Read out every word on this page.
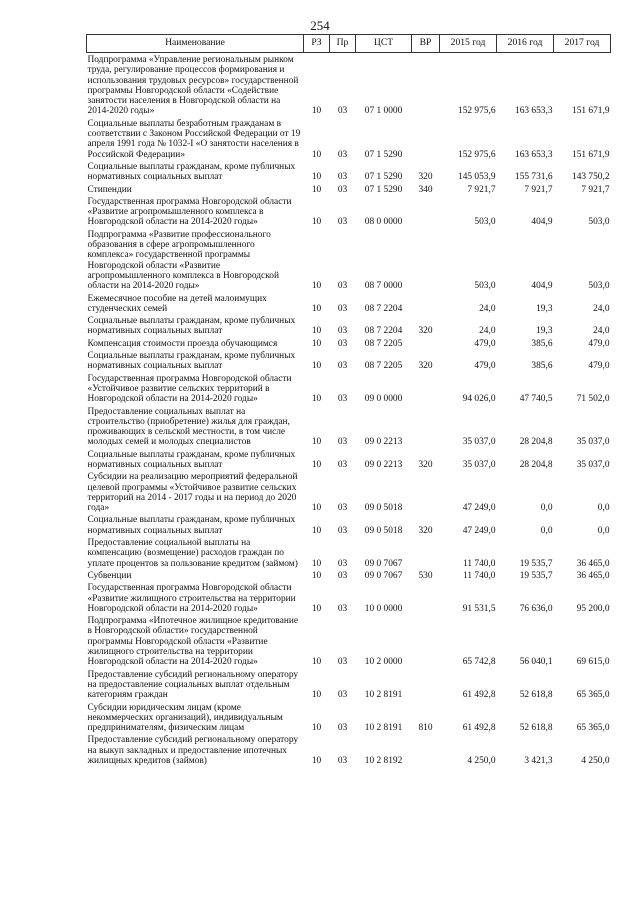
254
Наименование	РЗ	Пр	ЦСТ	ВР	2015 год	2016 год	2017 год
Подпрограмма «Управление региональным рынком труда, регулирование процессов формирования и использования трудовых ресурсов» государственной программы Новгородской области «Содействие занятости населения в Новгородской области на 2014-2020 годы»	10	03	07 1 0000		152 975,6	163 653,3	151 671,9
Социальные выплаты безработным гражданам в соответствии с Законом Российской Федерации от 19 апреля 1991 года № 1032-I «О занятости населения в Российской Федерации»	10	03	07 1 5290		152 975,6	163 653,3	151 671,9
Социальные выплаты гражданам, кроме публичных нормативных социальных выплат	10	03	07 1 5290	320	145 053,9	155 731,6	143 750,2
Стипендии	10	03	07 1 5290	340	7 921,7	7 921,7	7 921,7
Государственная программа Новгородской области «Развитие агропромышленного комплекса в Новгородской области на 2014-2020 годы»	10	03	08 0 0000		503,0	404,9	503,0
Подпрограмма «Развитие профессионального образования в сфере агропромышленного комплекса» государственной программы Новгородской области «Развитие агропромышленного комплекса в Новгородской области на 2014-2020 годы»	10	03	08 7 0000		503,0	404,9	503,0
Ежемесячное пособие на детей малоимущих студенческих семей	10	03	08 7 2204		24,0	19,3	24,0
Социальные выплаты гражданам, кроме публичных нормативных социальных выплат	10	03	08 7 2204	320	24,0	19,3	24,0
Компенсация стоимости проезда обучающимся	10	03	08 7 2205		479,0	385,6	479,0
Социальные выплаты гражданам, кроме публичных нормативных социальных выплат	10	03	08 7 2205	320	479,0	385,6	479,0
Государственная программа Новгородской области «Устойчивое развитие сельских территорий в Новгородской области на 2014-2020 годы»	10	03	09 0 0000		94 026,0	47 740,5	71 502,0
Предоставление социальных выплат на строительство (приобретение) жилья для граждан, проживающих в сельской местности, в том числе молодых семей и молодых специалистов	10	03	09 0 2213		35 037,0	28 204,8	35 037,0
Социальные выплаты гражданам, кроме публичных нормативных социальных выплат	10	03	09 0 2213	320	35 037,0	28 204,8	35 037,0
Субсидии на реализацию мероприятий федеральной целевой программы «Устойчивое развитие сельских территорий на 2014 - 2017 годы и на период до 2020 года»	10	03	09 0 5018		47 249,0	0,0	0,0
Социальные выплаты гражданам, кроме публичных нормативных социальных выплат	10	03	09 0 5018	320	47 249,0	0,0	0,0
Предоставление социальной выплаты на компенсацию (возмещение) расходов граждан по уплате процентов за пользование кредитом (займом)	10	03	09 0 7067		11 740,0	19 535,7	36 465,0
Субвенции	10	03	09 0 7067	530	11 740,0	19 535,7	36 465,0
Государственная программа Новгородской области «Развитие жилищного строительства на территории Новгородской области на 2014-2020 годы»	10	03	10 0 0000		91 531,5	76 636,0	95 200,0
Подпрограмма «Ипотечное жилищное кредитование в Новгородской области» государственной программы Новгородской области «Развитие жилищного строительства на территории Новгородской области на 2014-2020 годы»	10	03	10 2 0000		65 742,8	56 040,1	69 615,0
Предоставление субсидий региональному оператору на предоставление социальных выплат отдельным категориям граждан	10	03	10 2 8191		61 492,8	52 618,8	65 365,0
Субсидии юридическим лицам (кроме некоммерческих организаций), индивидуальным предпринимателям, физическим лицам	10	03	10 2 8191	810	61 492,8	52 618,8	65 365,0
Предоставление субсидий региональному оператору на выкуп закладных и предоставление ипотечных жилищных кредитов (займов)	10	03	10 2 8192		4 250,0	3 421,3	4 250,0
